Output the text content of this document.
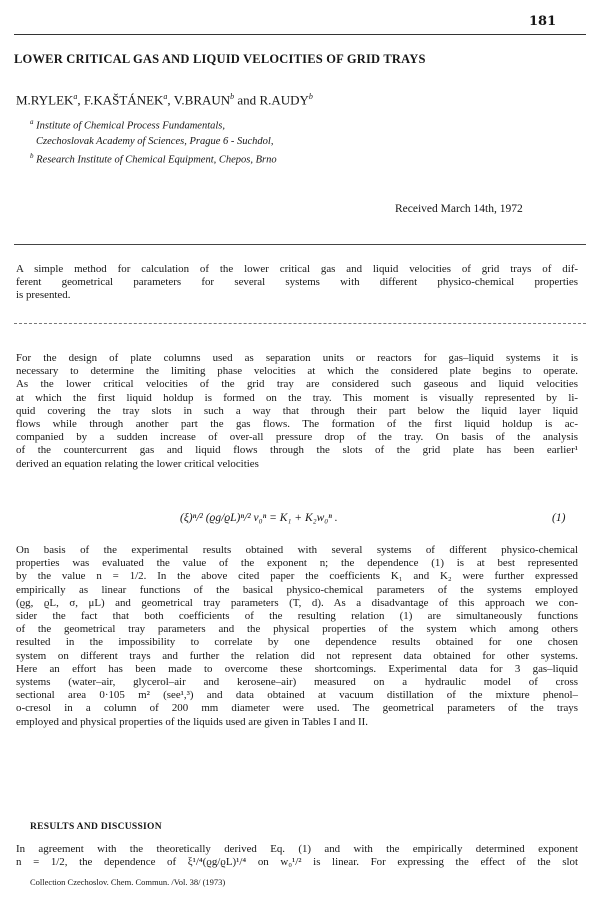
181
LOWER CRITICAL GAS AND LIQUID VELOCITIES OF GRID TRAYS
M.RYLEK$^a$, F.KAŠTÁNEK$^a$, V.BRAUN$^b$ and R.AUDY$^b$
$^a$ Institute of Chemical Process Fundamentals,
Czechoslovak Academy of Sciences, Prague 6 - Suchdol,
$^b$ Research Institute of Chemical Equipment, Chepos, Brno
Received March 14th, 1972
A simple method for calculation of the lower critical gas and liquid velocities of grid trays of dif-
ferent geometrical parameters for several systems with different physico-chemical properties
is presented.
For the design of plate columns used as separation units or reactors for gas–liquid systems it is
necessary to determine the limiting phase velocities at which the considered plate begins to operate.
As the lower critical velocities of the grid tray are considered such gaseous and liquid velocities
at which the first liquid holdup is formed on the tray. This moment is visually represented by li-
quid covering the tray slots in such a way that through their part below the liquid layer liquid
flows while through another part the gas flows. The formation of the first liquid holdup is ac-
companied by a sudden increase of over-all pressure drop of the tray. On basis of the analysis
of the countercurrent gas and liquid flows through the slots of the grid plate has been earlier¹
derived an equation relating the lower critical velocities
(ξ)ⁿ/² (ϱg/ϱL)ⁿ/² v₀ⁿ = K₁ + K₂w₀ⁿ .	(1)
On basis of the experimental results obtained with several systems of different physico-chemical
properties was evaluated the value of the exponent n; the dependence (1) is at best represented
by the value n = 1/2. In the above cited paper the coefficients K₁ and K₂ were further expressed
empirically as linear functions of the basical physico-chemical parameters of the systems employed
(ϱg, ϱL, σ, μL) and geometrical tray parameters (T, d). As a disadvantage of this approach we con-
sider the fact that both coefficients of the resulting relation (1) are simultaneously functions
of the geometrical tray parameters and the physical properties of the system which among others
resulted in the impossibility to correlate by one dependence results obtained for one chosen
system on different trays and further the relation did not represent data obtained for other systems.
Here an effort has been made to overcome these shortcomings. Experimental data for 3 gas–liquid
systems (water–air, glycerol–air and kerosene–air) measured on a hydraulic model of cross
sectional area 0·105 m² (see¹,³) and data obtained at vacuum distillation of the mixture phenol–
o-cresol in a column of 200 mm diameter were used. The geometrical parameters of the trays
employed and physical properties of the liquids used are given in Tables I and II.
RESULTS AND DISCUSSION
In agreement with the theoretically derived Eq. (1) and with the empirically determined exponent
n = 1/2, the dependence of ξ¹/⁴(ϱg/ϱL)¹/⁴ on w₀¹/² is linear. For expressing the effect of the slot
Collection Czechoslov. Chem. Commun. /Vol. 38/ (1973)
